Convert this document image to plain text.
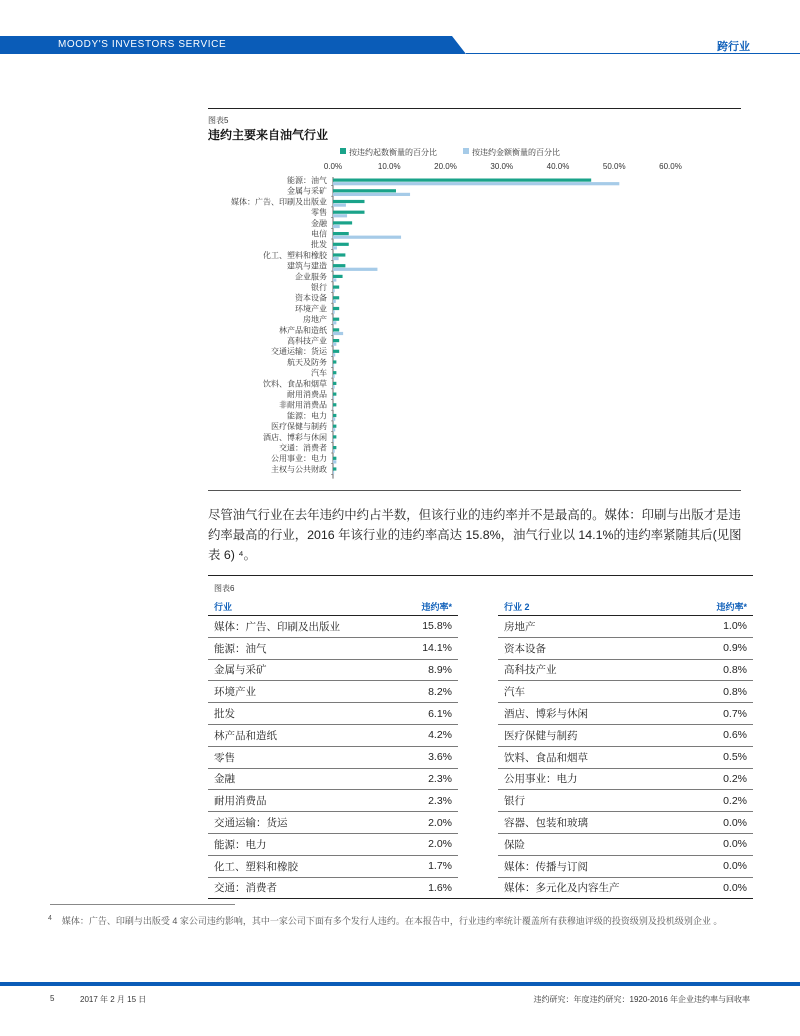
MOODY'S INVESTORS SERVICE	跨行业
图表5
违约主要来自油气行业
按违约起数衡量的百分比	按违约金额衡量的百分比
0.0%	10.0%	20.0%	30.0%	40.0%	50.0%	60.0%
能源：油气
金属与采矿
媒体：广告、印刷及出版业
零售
金融
电信
批发
化工、塑料和橡胶
建筑与建造
企业服务
银行
资本设备
环境产业
房地产
林产品和造纸
高科技产业
交通运输：货运
航天及防务
汽车
饮料、食品和烟草
耐用消费品
非耐用消费品
能源：电力
医疗保健与制药
酒店、博彩与休闲
交通：消费者
公用事业：电力
主权与公共财政
尽管油气行业在去年违约中约占半数，但该行业的违约率并不是最高的。媒体：印刷与出版才是违约率最高的行业，2016 年该行业的违约率高达 15.8%，油气行业以 14.1%的违约率紧随其后(见图表 6) ⁴。
图表6
行业	违约率*		行业 2	违约率*
媒体：广告、印刷及出版业	15.8%		房地产	1.0%
能源：油气	14.1%		资本设备	0.9%
金属与采矿	8.9%		高科技产业	0.8%
环境产业	8.2%		汽车	0.8%
批发	6.1%		酒店、博彩与休闲	0.7%
林产品和造纸	4.2%		医疗保健与制药	0.6%
零售	3.6%		饮料、食品和烟草	0.5%
金融	2.3%		公用事业：电力	0.2%
耐用消费品	2.3%		银行	0.2%
交通运输：货运	2.0%		容器、包装和玻璃	0.0%
能源：电力	2.0%		保险	0.0%
化工、塑料和橡胶	1.7%		媒体：传播与订阅	0.0%
交通：消费者	1.6%		媒体：多元化及内容生产	0.0%
$^4$ 媒体：广告、印刷与出版受 4 家公司违约影响，其中一家公司下面有多个发行人违约。在本报告中，行业违约率统计覆盖所有获穆迪评级的投资级别及投机级别企业 。
5	2017 年 2 月 15 日	违约研究：年度违约研究：1920-2016 年企业违约率与回收率
